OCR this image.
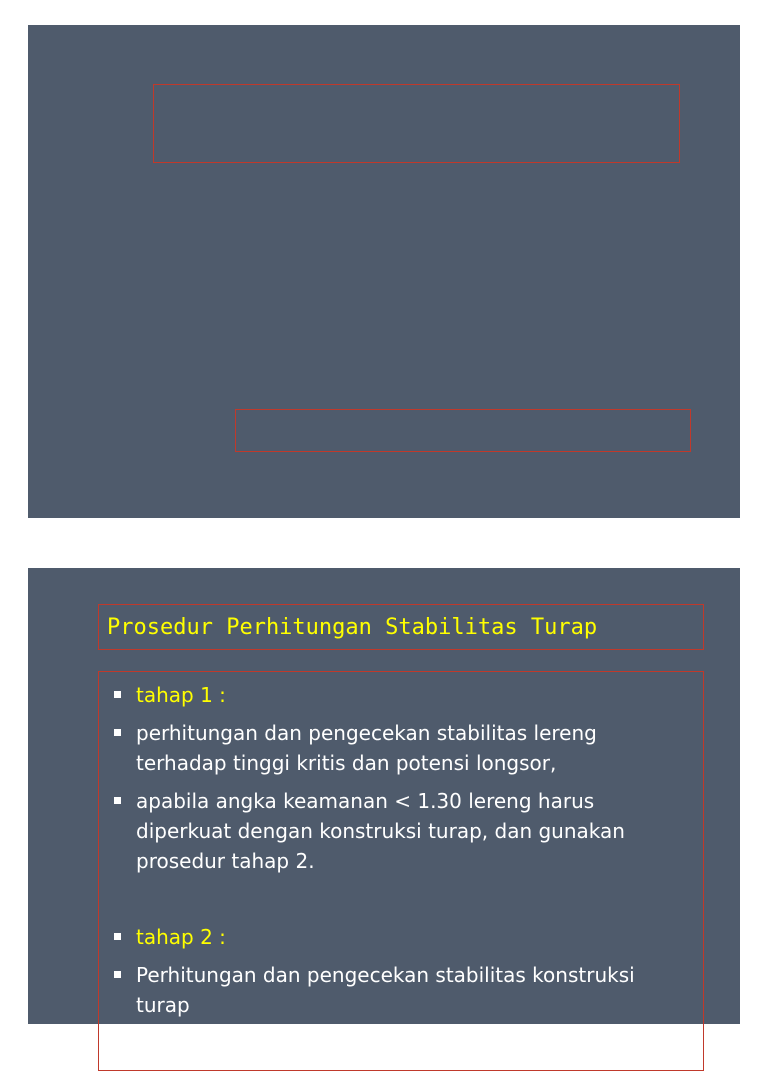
Prosedur Perhitungan Stabilitas Turap
tahap 1 :
perhitungan dan pengecekan stabilitas lereng terhadap tinggi kritis dan potensi longsor,
apabila angka keamanan < 1.30 lereng harus diperkuat dengan konstruksi turap, dan gunakan prosedur tahap 2.
tahap 2 :
Perhitungan dan pengecekan stabilitas konstruksi turap
